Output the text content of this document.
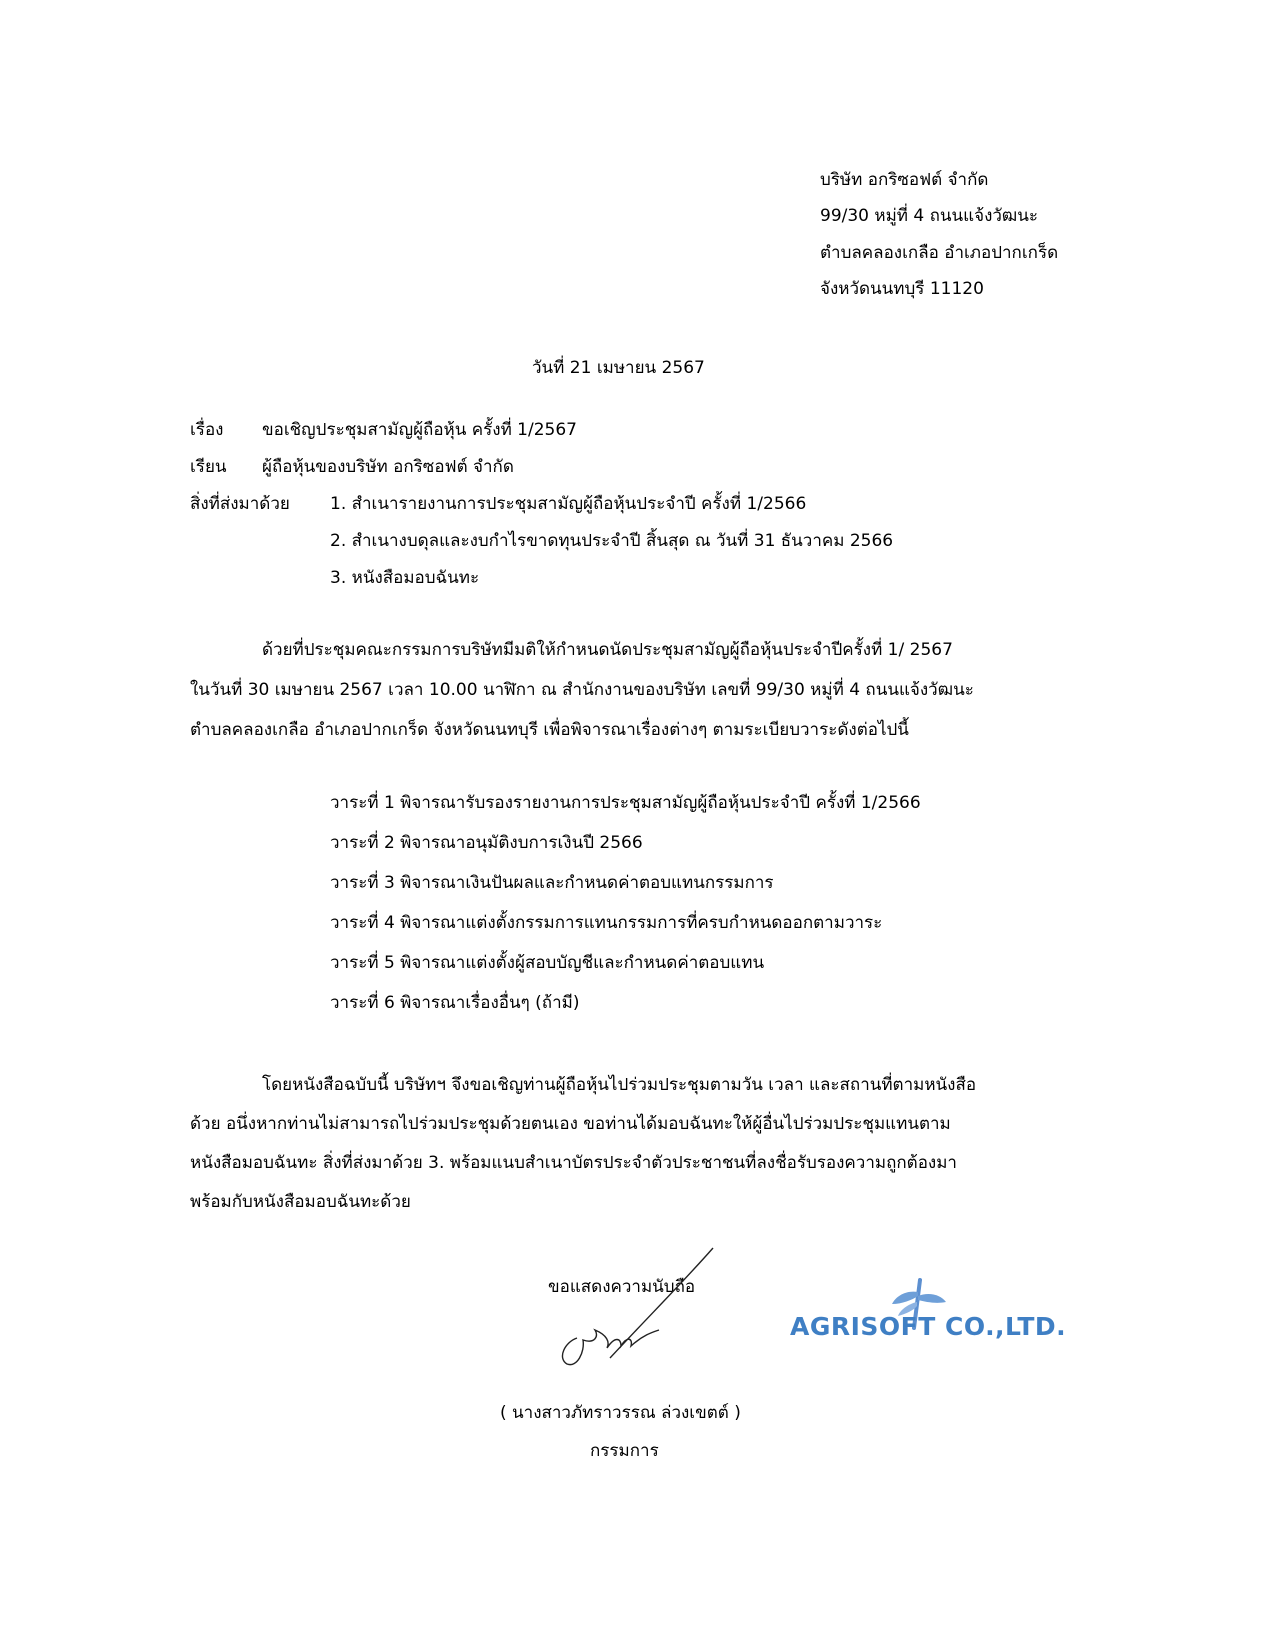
บริษัท อกริซอฟต์ จำกัด
99/30 หมู่ที่ 4 ถนนแจ้งวัฒนะ
ตำบลคลองเกลือ อำเภอปากเกร็ด
จังหวัดนนทบุรี 11120
วันที่ 21 เมษายน 2567
เรื่อง ขอเชิญประชุมสามัญผู้ถือหุ้น ครั้งที่ 1/2567
เรียน ผู้ถือหุ้นของบริษัท อกริซอฟต์ จำกัด
สิ่งที่ส่งมาด้วย 1. สำเนารายงานการประชุมสามัญผู้ถือหุ้นประจำปี ครั้งที่ 1/2566
2. สำเนางบดุลและงบกำไรขาดทุนประจำปี สิ้นสุด ณ วันที่ 31 ธันวาคม 2566
3. หนังสือมอบฉันทะ
ด้วยที่ประชุมคณะกรรมการบริษัทมีมติให้กำหนดนัดประชุมสามัญผู้ถือหุ้นประจำปีครั้งที่ 1/ 2567
ในวันที่ 30 เมษายน 2567 เวลา 10.00 นาฬิกา ณ สำนักงานของบริษัท เลขที่ 99/30 หมู่ที่ 4 ถนนแจ้งวัฒนะ
ตำบลคลองเกลือ อำเภอปากเกร็ด จังหวัดนนทบุรี เพื่อพิจารณาเรื่องต่างๆ ตามระเบียบวาระดังต่อไปนี้
วาระที่ 1 พิจารณารับรองรายงานการประชุมสามัญผู้ถือหุ้นประจำปี ครั้งที่ 1/2566
วาระที่ 2 พิจารณาอนุมัติงบการเงินปี 2566
วาระที่ 3 พิจารณาเงินปันผลและกำหนดค่าตอบแทนกรรมการ
วาระที่ 4 พิจารณาแต่งตั้งกรรมการแทนกรรมการที่ครบกำหนดออกตามวาระ
วาระที่ 5 พิจารณาแต่งตั้งผู้สอบบัญชีและกำหนดค่าตอบแทน
วาระที่ 6 พิจารณาเรื่องอื่นๆ (ถ้ามี)
โดยหนังสือฉบับนี้ บริษัทฯ จึงขอเชิญท่านผู้ถือหุ้นไปร่วมประชุมตามวัน เวลา และสถานที่ตามหนังสือ
ด้วย อนึ่งหากท่านไม่สามารถไปร่วมประชุมด้วยตนเอง ขอท่านได้มอบฉันทะให้ผู้อื่นไปร่วมประชุมแทนตาม
หนังสือมอบฉันทะ สิ่งที่ส่งมาด้วย 3. พร้อมแนบสำเนาบัตรประจำตัวประชาชนที่ลงชื่อรับรองความถูกต้องมา
พร้อมกับหนังสือมอบฉันทะด้วย
ขอแสดงความนับถือ
( นางสาวภัทราวรรณ ล่วงเขตต์ )
กรรมการ
AGRISOFT CO.,LTD.
